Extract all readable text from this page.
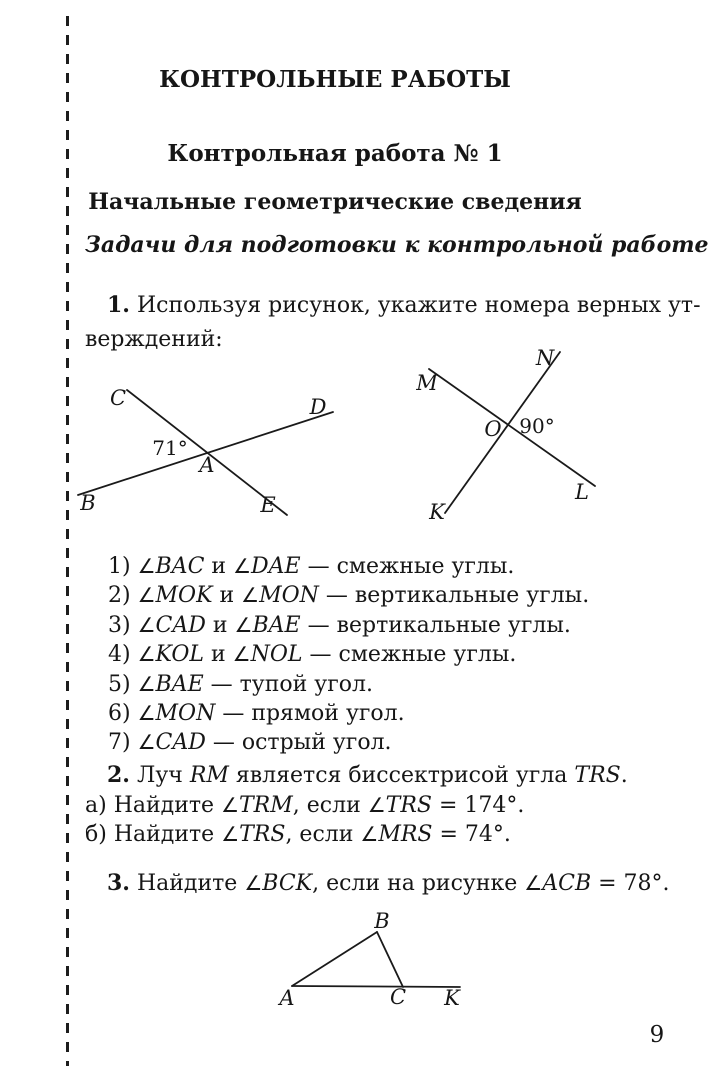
КОНТРОЛЬНЫЕ РАБОТЫ
Контрольная работа № 1
Начальные геометрические сведения
Задачи для подготовки к контрольной работе
1. Используя рисунок, укажите номера верных ут-
верждений:
C	D
B	E
A
71°
N
M
O 90°
L
K
1) ∠BAC и ∠DAE — смежные углы.
2) ∠MOK и ∠MON — вертикальные углы.
3) ∠CAD и ∠BAE — вертикальные углы.
4) ∠KOL и ∠NOL — смежные углы.
5) ∠BAE — тупой угол.
6) ∠MON — прямой угол.
7) ∠CAD — острый угол.
2. Луч RM является биссектрисой угла TRS.
а) Найдите ∠TRM, если ∠TRS = 174°.
б) Найдите ∠TRS, если ∠MRS = 74°.
3. Найдите ∠BCK, если на рисунке ∠ACB = 78°.
B
A	C K
9
